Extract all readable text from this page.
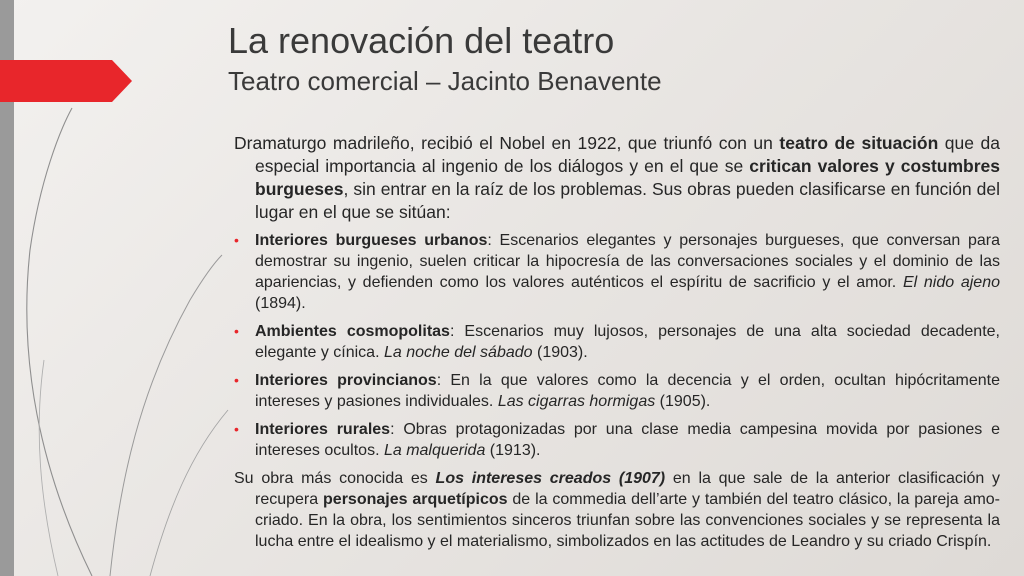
La renovación del teatro
Teatro comercial – Jacinto Benavente

Dramaturgo madrileño, recibió el Nobel en 1922, que triunfó con un teatro de situación que da especial importancia al ingenio de los diálogos y en el que se critican valores y costumbres burgueses, sin entrar en la raíz de los problemas. Sus obras pueden clasificarse en función del lugar en el que se sitúan:

• Interiores burgueses urbanos: Escenarios elegantes y personajes burgueses, que conversan para demostrar su ingenio, suelen criticar la hipocresía de las conversaciones sociales y el dominio de las apariencias, y defienden como los valores auténticos el espíritu de sacrificio y el amor. El nido ajeno (1894).
• Ambientes cosmopolitas: Escenarios muy lujosos, personajes de una alta sociedad decadente, elegante y cínica. La noche del sábado (1903).
• Interiores provincianos: En la que valores como la decencia y el orden, ocultan hipócritamente intereses y pasiones individuales. Las cigarras hormigas (1905).
• Interiores rurales: Obras protagonizadas por una clase media campesina movida por pasiones e intereses ocultos. La malquerida (1913).

Su obra más conocida es Los intereses creados (1907) en la que sale de la anterior clasificación y recupera personajes arquetípicos de la commedia dell’arte y también del teatro clásico, la pareja amo-criado. En la obra, los sentimientos sinceros triunfan sobre las convenciones sociales y se representa la lucha entre el idealismo y el materialismo, simbolizados en las actitudes de Leandro y su criado Crispín.
